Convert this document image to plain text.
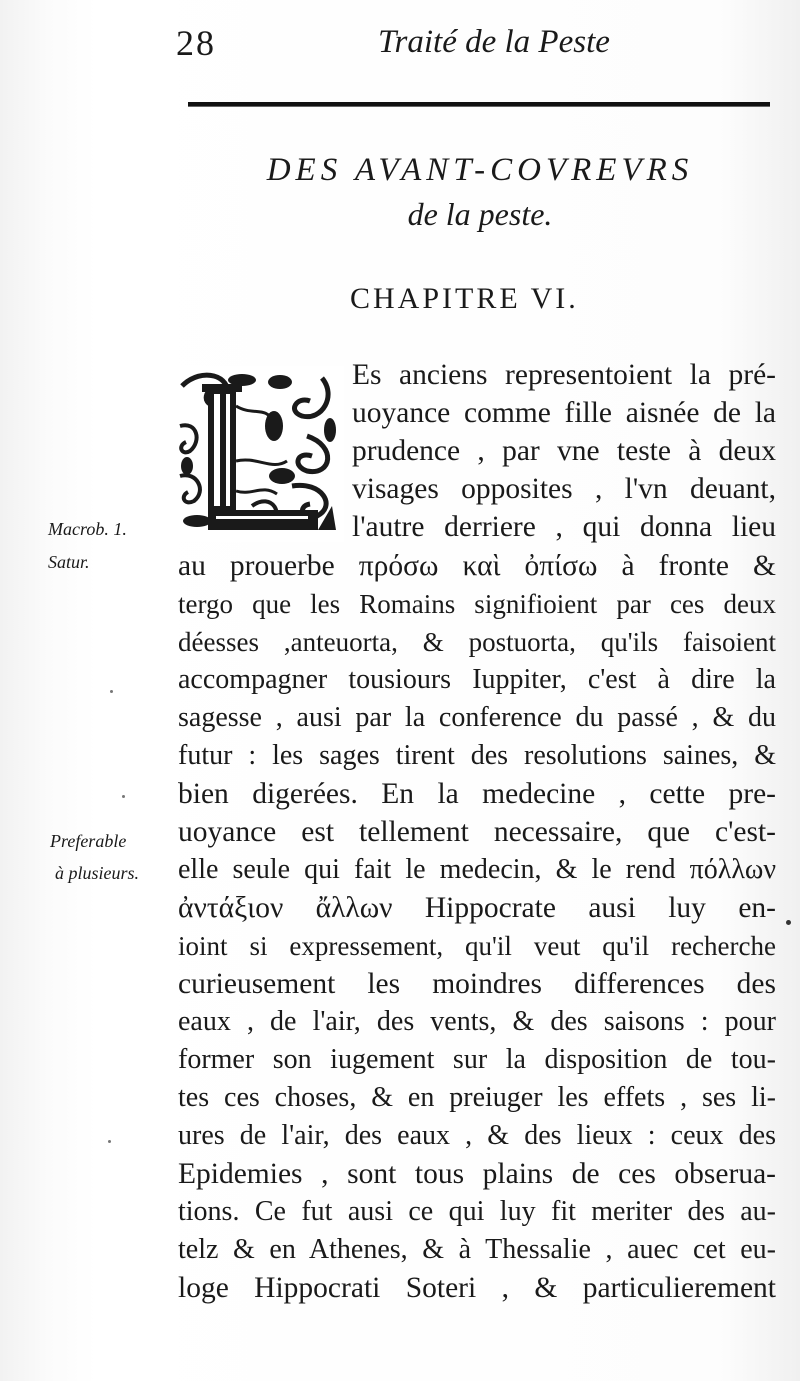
28	Traité de la Peste
DES AVANT-COVREVRS
de la peste.
CHAPITRE VI.
Es anciens representoient la pré-
uoyance comme fille aisnée de la
prudence , par vne teste à deux
visages opposites , l'vn deuant,
l'autre derriere , qui donna lieu
au prouerbe πρόσω καὶ ὀπίσω à fronte &
tergo que les Romains signifioient par ces deux
déesses ,anteuorta, & postuorta, qu'ils faisoient
accompagner tousiours Iuppiter, c'est à dire la
sagesse , ausi par la conference du passé , & du
futur : les sages tirent des resolutions saines, &
bien digerées. En la medecine , cette pre-
uoyance est tellement necessaire, que c'est-
elle seule qui fait le medecin, & le rend πόλλων
ἀντάξιον ἄλλων Hippocrate ausi luy en-
ioint si expressement, qu'il veut qu'il recherche
curieusement les moindres differences des
eaux , de l'air, des vents, & des saisons : pour
former son iugement sur la disposition de tou-
tes ces choses, & en preiuger les effets , ses li-
ures de l'air, des eaux , & des lieux : ceux des
Epidemies , sont tous plains de ces obserua-
tions. Ce fut ausi ce qui luy fit meriter des au-
telz & en Athenes, & à Thessalie , auec cet eu-
loge Hippocrati Soteri , & particulierement
Macrob. 1.
Satur.
Preferable
à plusieurs.
